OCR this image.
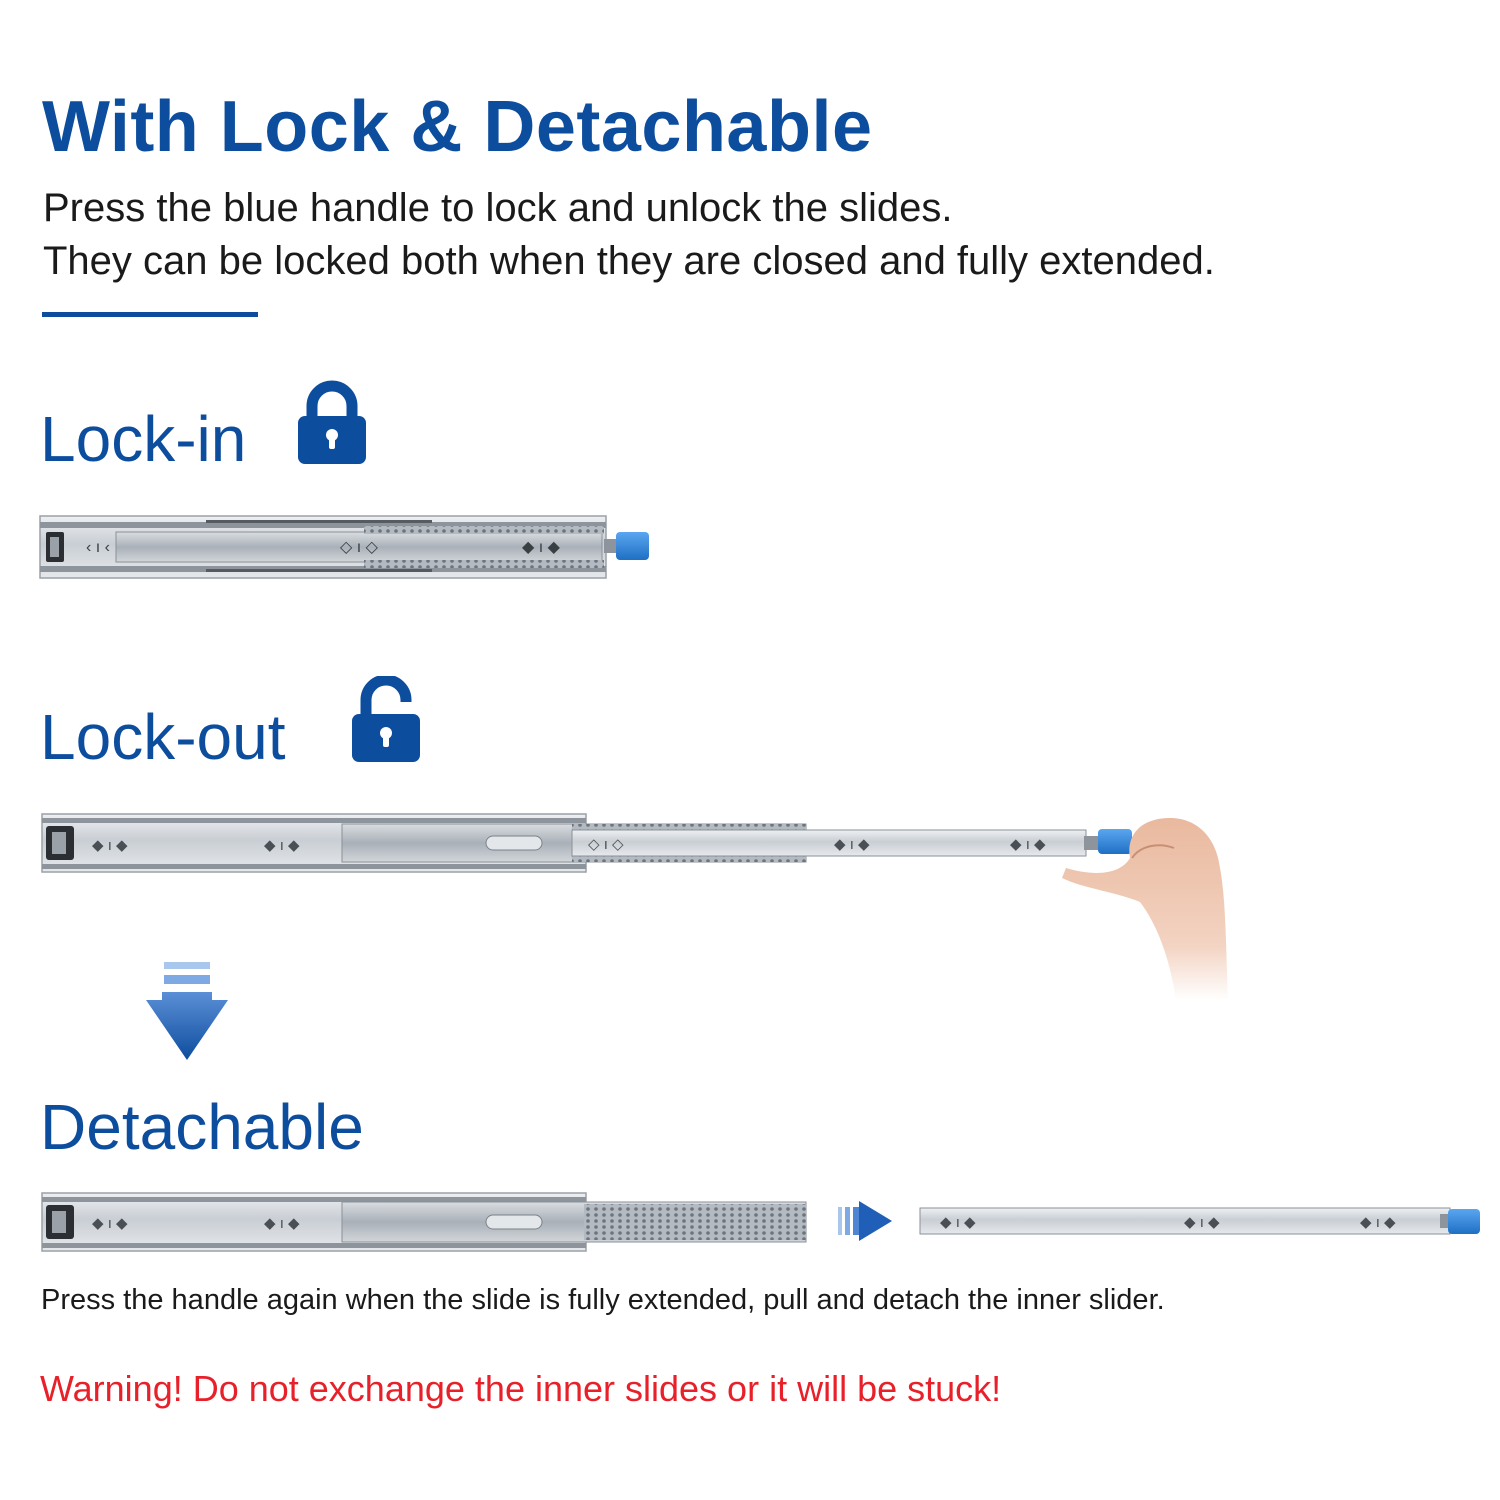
With Lock & Detachable

Press the blue handle to lock and unlock the slides.

They can be locked both when they are closed and fully extended.

Lock-in

Lock-out

Detachable

‹ ı ‹	◇ ı ◇	◆ ı ◆
◆ ı ◆	◆ ı ◆	◇ ı ◇	◆ ı ◆	◆ ı ◆
◆ ı ◆	◆ ı ◆	◆ ı ◆	◆ ı ◆	◆ ı ◆

Press the handle again when the slide is fully extended, pull and detach the inner slider.

Warning! Do not exchange the inner slides or it will be stuck!
